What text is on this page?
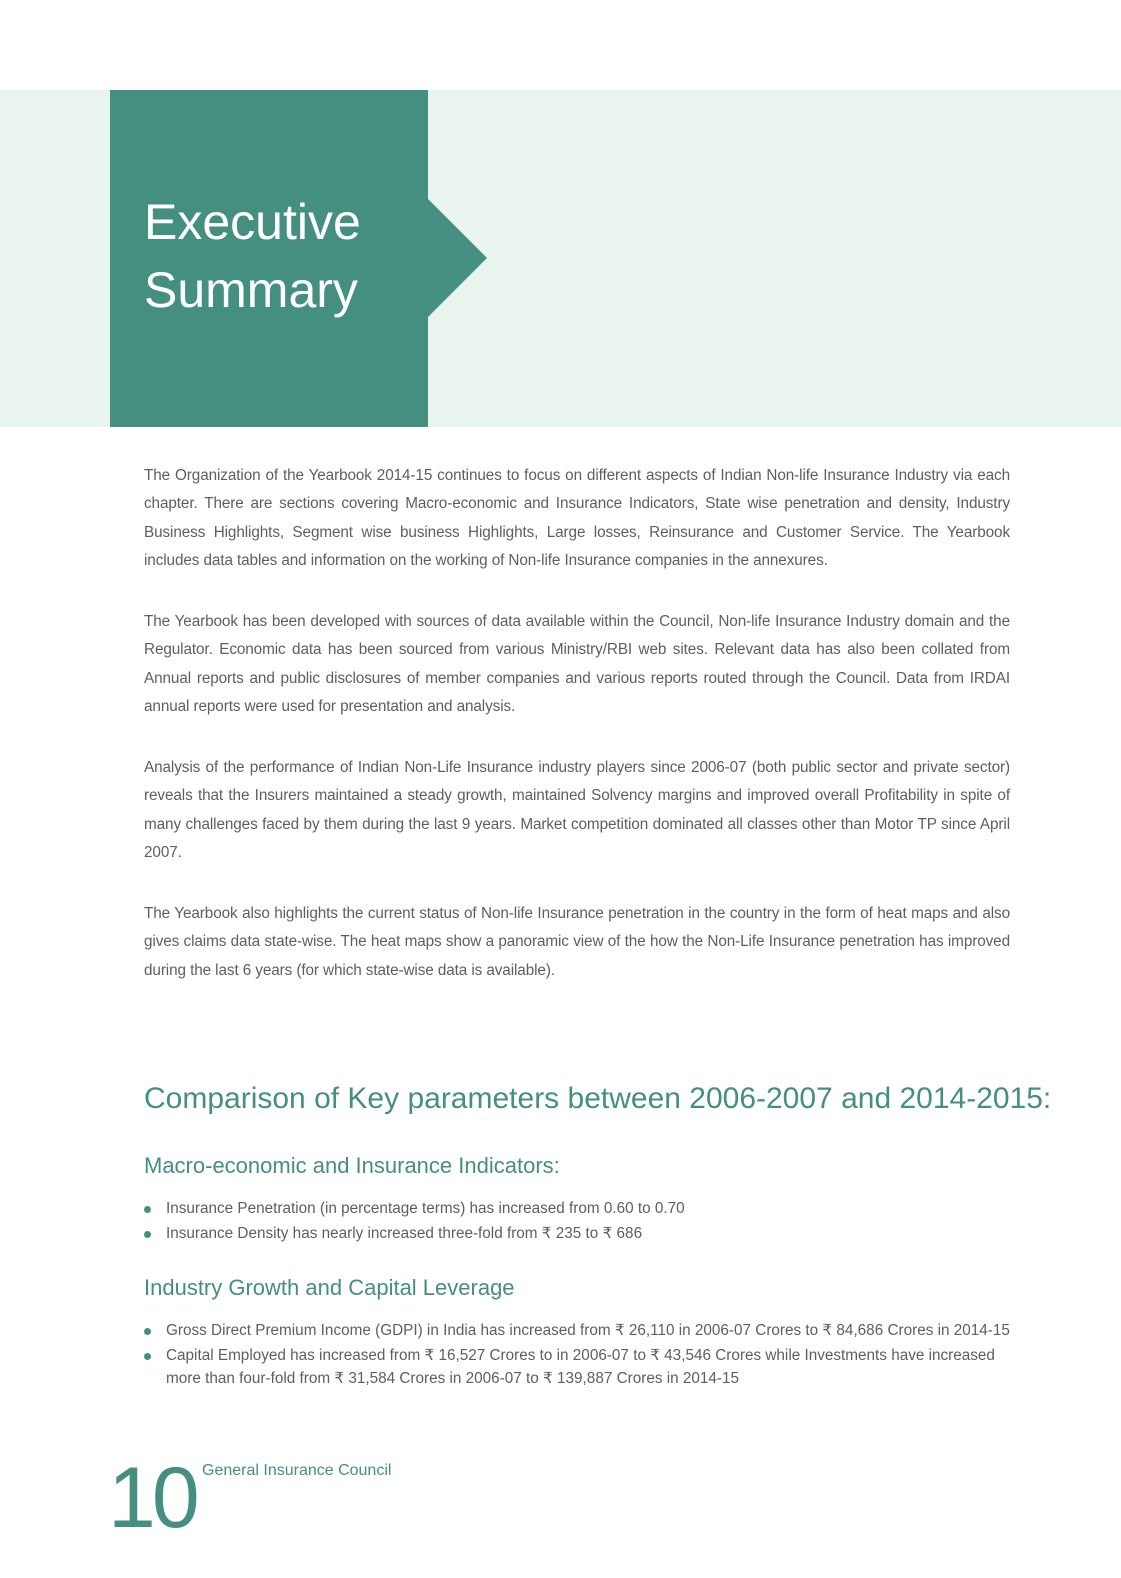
Executive
Summary

The Organization of the Yearbook 2014-15 continues to focus on different aspects of Indian Non-life Insurance Industry via each chapter. There are sections covering Macro-economic and Insurance Indicators, State wise penetration and density, Industry Business Highlights, Segment wise business Highlights, Large losses, Reinsurance and Customer Service. The Yearbook includes data tables and information on the working of Non-life Insurance companies in the annexures.

The Yearbook has been developed with sources of data available within the Council, Non-life Insurance Industry domain and the Regulator. Economic data has been sourced from various Ministry/RBI web sites. Relevant data has also been collated from Annual reports and public disclosures of member companies and various reports routed through the Council. Data from IRDAI annual reports were used for presentation and analysis.

Analysis of the performance of Indian Non-Life Insurance industry players since 2006-07 (both public sector and private sector) reveals that the Insurers maintained a steady growth, maintained Solvency margins and improved overall Profitability in spite of many challenges faced by them during the last 9 years. Market competition dominated all classes other than Motor TP since April 2007.

The Yearbook also highlights the current status of Non-life Insurance penetration in the country in the form of heat maps and also gives claims data state-wise. The heat maps show a panoramic view of the how the Non-Life Insurance penetration has improved during the last 6 years (for which state-wise data is available).

Comparison of Key parameters between 2006-2007 and 2014-2015:
Macro-economic and Insurance Indicators:
Insurance Penetration (in percentage terms) has increased from 0.60 to 0.70
Insurance Density has nearly increased three-fold from ₹ 235 to ₹ 686
Industry Growth and Capital Leverage
Gross Direct Premium Income (GDPI) in India has increased from ₹ 26,110 in 2006-07 Crores to ₹ 84,686 Crores in 2014-15
Capital Employed has increased from ₹ 16,527 Crores to in 2006-07 to ₹ 43,546 Crores while Investments have increased more than four-fold from ₹ 31,584 Crores in 2006-07 to ₹ 139,887 Crores in 2014-15

10 General Insurance Council
